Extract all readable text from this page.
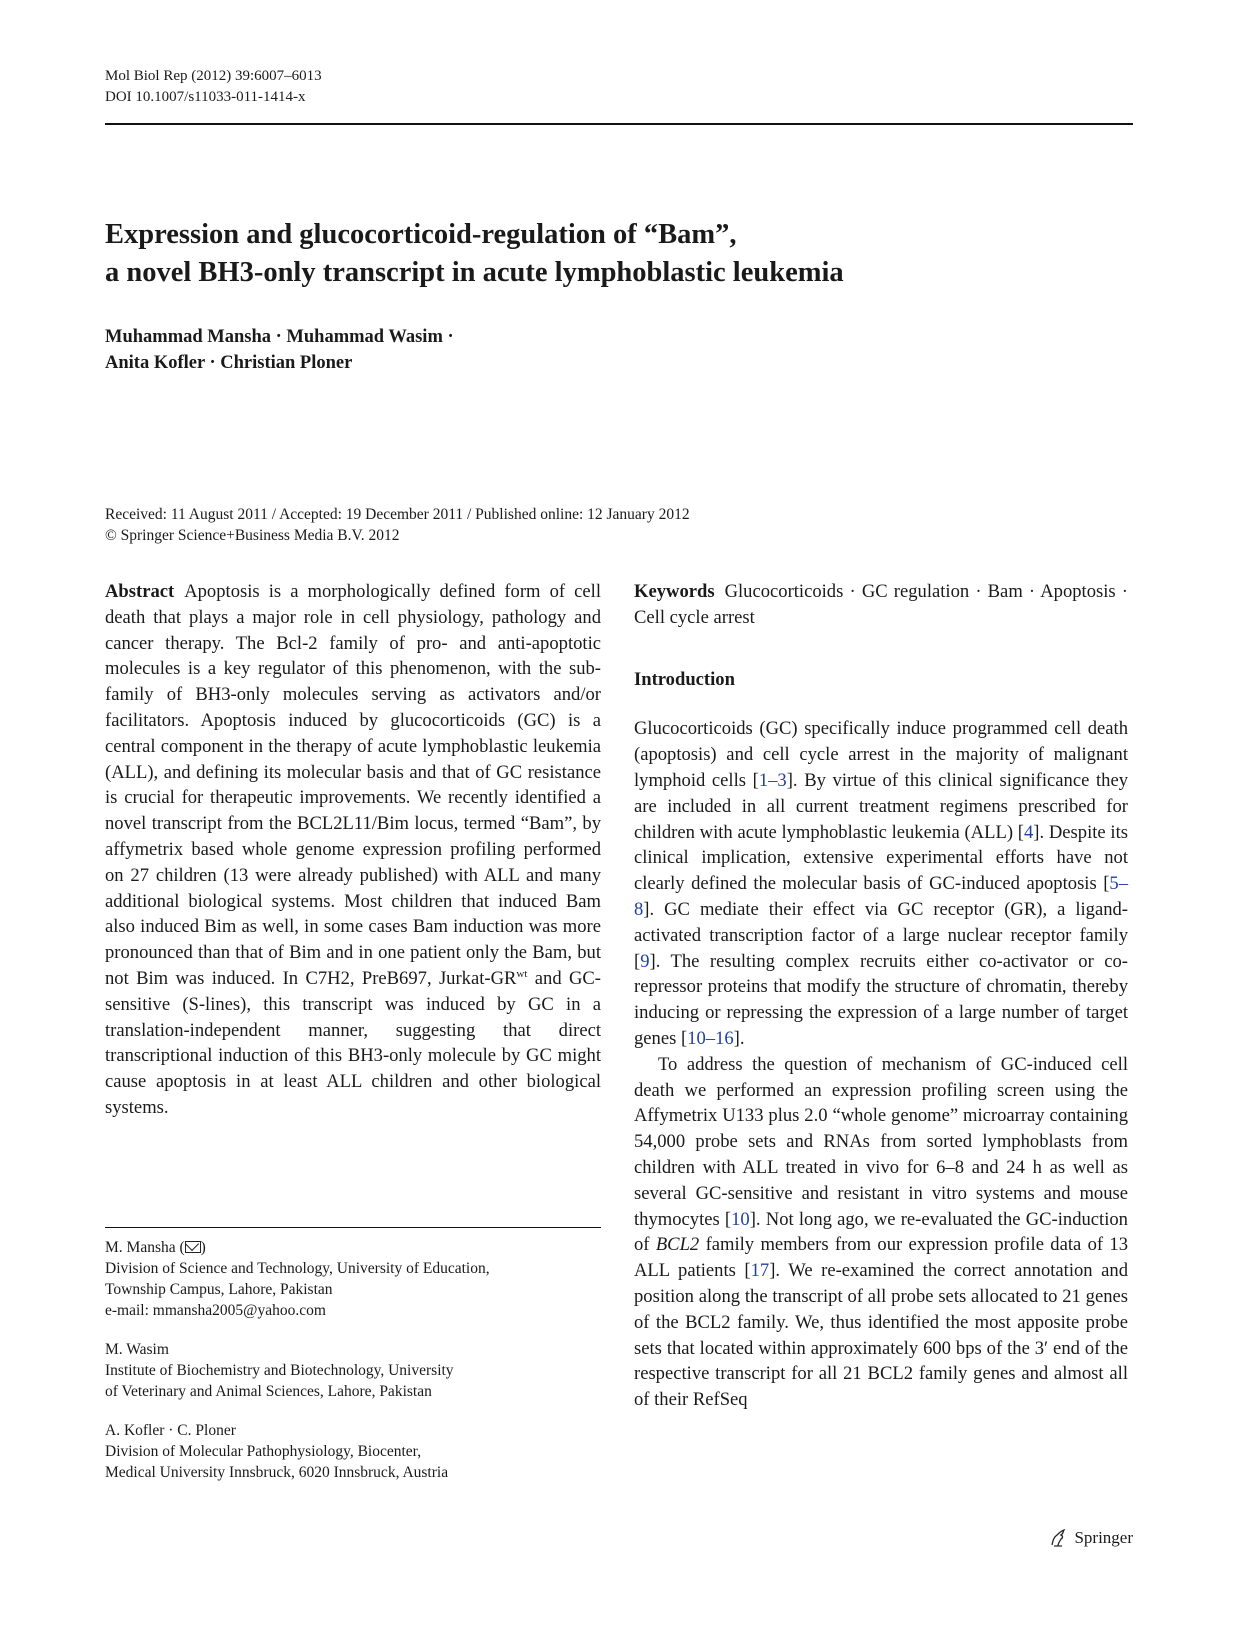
Mol Biol Rep (2012) 39:6007–6013
DOI 10.1007/s11033-011-1414-x
Expression and glucocorticoid-regulation of “Bam”,
a novel BH3-only transcript in acute lymphoblastic leukemia
Muhammad Mansha · Muhammad Wasim ·
Anita Kofler · Christian Ploner
Received: 11 August 2011 / Accepted: 19 December 2011 / Published online: 12 January 2012
© Springer Science+Business Media B.V. 2012

Abstract Apoptosis is a morphologically defined form of cell death that plays a major role in cell physiology, pathology and cancer therapy. The Bcl-2 family of pro- and anti-apoptotic molecules is a key regulator of this phenomenon, with the sub-family of BH3-only molecules serving as activators and/or facilitators. Apoptosis induced by glucocorticoids (GC) is a central component in the therapy of acute lymphoblastic leukemia (ALL), and defining its molecular basis and that of GC resistance is crucial for therapeutic improvements. We recently identified a novel transcript from the BCL2L11/Bim locus, termed “Bam”, by affymetrix based whole genome expression profiling performed on 27 children (13 were already published) with ALL and many additional biological systems. Most children that induced Bam also induced Bim as well, in some cases Bam induction was more pronounced than that of Bim and in one patient only the Bam, but not Bim was induced. In C7H2, PreB697, Jurkat-$GR^{wt}$ and GC-sensitive (S-lines), this transcript was induced by GC in a translation-independent manner, suggesting that direct transcriptional induction of this BH3-only molecule by GC might cause apoptosis in at least ALL children and other biological systems.

M. Mansha ( )
Division of Science and Technology, University of Education,
Township Campus, Lahore, Pakistan
e-mail: mmansha2005@yahoo.com
M. Wasim
Institute of Biochemistry and Biotechnology, University
of Veterinary and Animal Sciences, Lahore, Pakistan
A. Kofler · C. Ploner
Division of Molecular Pathophysiology, Biocenter,
Medical University Innsbruck, 6020 Innsbruck, Austria

Keywords Glucocorticoids · GC regulation · Bam · Apoptosis · Cell cycle arrest

Introduction

Glucocorticoids (GC) specifically induce programmed cell death (apoptosis) and cell cycle arrest in the majority of malignant lymphoid cells [1–3]. By virtue of this clinical significance they are included in all current treatment regimens prescribed for children with acute lymphoblastic leukemia (ALL) [4]. Despite its clinical implication, extensive experimental efforts have not clearly defined the molecular basis of GC-induced apoptosis [5–8]. GC mediate their effect via GC receptor (GR), a ligand-activated transcription factor of a large nuclear receptor family [9]. The resulting complex recruits either co-activator or co-repressor proteins that modify the structure of chromatin, thereby inducing or repressing the expression of a large number of target genes [10–16].

To address the question of mechanism of GC-induced cell death we performed an expression profiling screen using the Affymetrix U133 plus 2.0 “whole genome” microarray containing 54,000 probe sets and RNAs from sorted lymphoblasts from children with ALL treated in vivo for 6–8 and 24 h as well as several GC-sensitive and resistant in vitro systems and mouse thymocytes [10]. Not long ago, we re-evaluated the GC-induction of BCL2 family members from our expression profile data of 13 ALL patients [17]. We re-examined the correct annotation and position along the transcript of all probe sets allocated to 21 genes of the BCL2 family. We, thus identified the most apposite probe sets that located within approximately 600 bps of the 3′ end of the respective transcript for all 21 BCL2 family genes and almost all of their RefSeq

Springer
